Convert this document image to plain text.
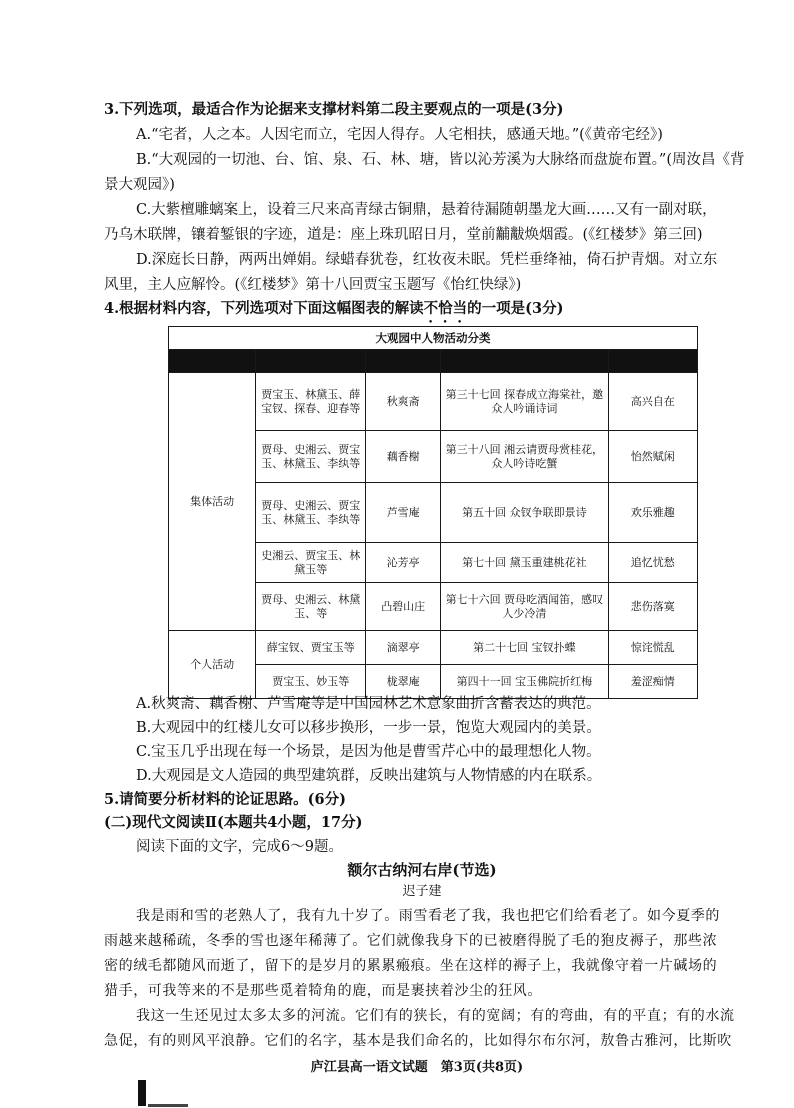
3.下列选项，最适合作为论据来支撑材料第二段主要观点的一项是(3分)
A.“宅者，人之本。人因宅而立，宅因人得存。人宅相扶，感通天地。”(《黄帝宅经》)
B.“大观园的一切池、台、馆、泉、石、林、塘，皆以沁芳溪为大脉络而盘旋布置。”(周汝昌《背
景大观园》)
C.大紫檀雕螭案上，设着三尺来高青绿古铜鼎，悬着待漏随朝墨龙大画……又有一副对联，
乃乌木联牌，镶着錾银的字迹，道是：座上珠玑昭日月，堂前黼黻焕烟霞。(《红楼梦》第三回)
D.深庭长日静，两两出婵娟。绿蜡春犹卷，红妆夜未眠。凭栏垂绛袖，倚石护青烟。对立东
风里，主人应解怜。(《红楼梦》第十八回贾宝玉题写《怡红快绿》)
4.根据材料内容，下列选项对下面这幅图表的解读不恰当的一项是(3分)
大观园中人物活动分类

集体活动	贾宝玉、林黛玉、薛宝钗、探春、迎春等	秋爽斋	第三十七回 探春成立海棠社，邀众人吟诵诗词	高兴自在
	贾母、史湘云、贾宝玉、林黛玉、李纨等	藕香榭	第三十八回 湘云请贾母赏桂花，众人吟诗吃蟹	怡然赋闲
	贾母、史湘云、贾宝玉、林黛玉、李纨等	芦雪庵	第五十回 众钗争联即景诗	欢乐雅趣
	史湘云、贾宝玉、林黛玉等	沁芳亭	第七十回 黛玉重建桃花社	追忆忧愁
	贾母、史湘云、林黛玉、等	凸碧山庄	第七十六回 贾母吃酒闻笛，感叹人少冷清	悲伤落寞
个人活动	薛宝钗、贾宝玉等	滴翠亭	第二十七回 宝钗扑蝶	惊诧慌乱
	贾宝玉、妙玉等	栊翠庵	第四十一回 宝玉佛院折红梅	羞涩痴情
A.秋爽斋、藕香榭、芦雪庵等是中国园林艺术意象曲折含蓄表达的典范。
B.大观园中的红楼儿女可以移步换形，一步一景，饱览大观园内的美景。
C.宝玉几乎出现在每一个场景，是因为他是曹雪芹心中的最理想化人物。
D.大观园是文人造园的典型建筑群，反映出建筑与人物情感的内在联系。
5.请简要分析材料的论证思路。(6分)
(二)现代文阅读Ⅱ(本题共4小题，17分)
阅读下面的文字，完成6～9题。
额尔古纳河右岸(节选)
迟子建
我是雨和雪的老熟人了，我有九十岁了。雨雪看老了我，我也把它们给看老了。如今夏季的
雨越来越稀疏，冬季的雪也逐年稀薄了。它们就像我身下的已被磨得脱了毛的狍皮褥子，那些浓
密的绒毛都随风而逝了，留下的是岁月的累累瘢痕。坐在这样的褥子上，我就像守着一片碱场的
猎手，可我等来的不是那些觅着犄角的鹿，而是裹挟着沙尘的狂风。
我这一生还见过太多太多的河流。它们有的狭长，有的宽阔；有的弯曲，有的平直；有的水流
急促，有的则风平浪静。它们的名字，基本是我们命名的，比如得尔布尔河，敖鲁古雅河，比斯吹
庐江县高一语文试题　第3页(共8页)
